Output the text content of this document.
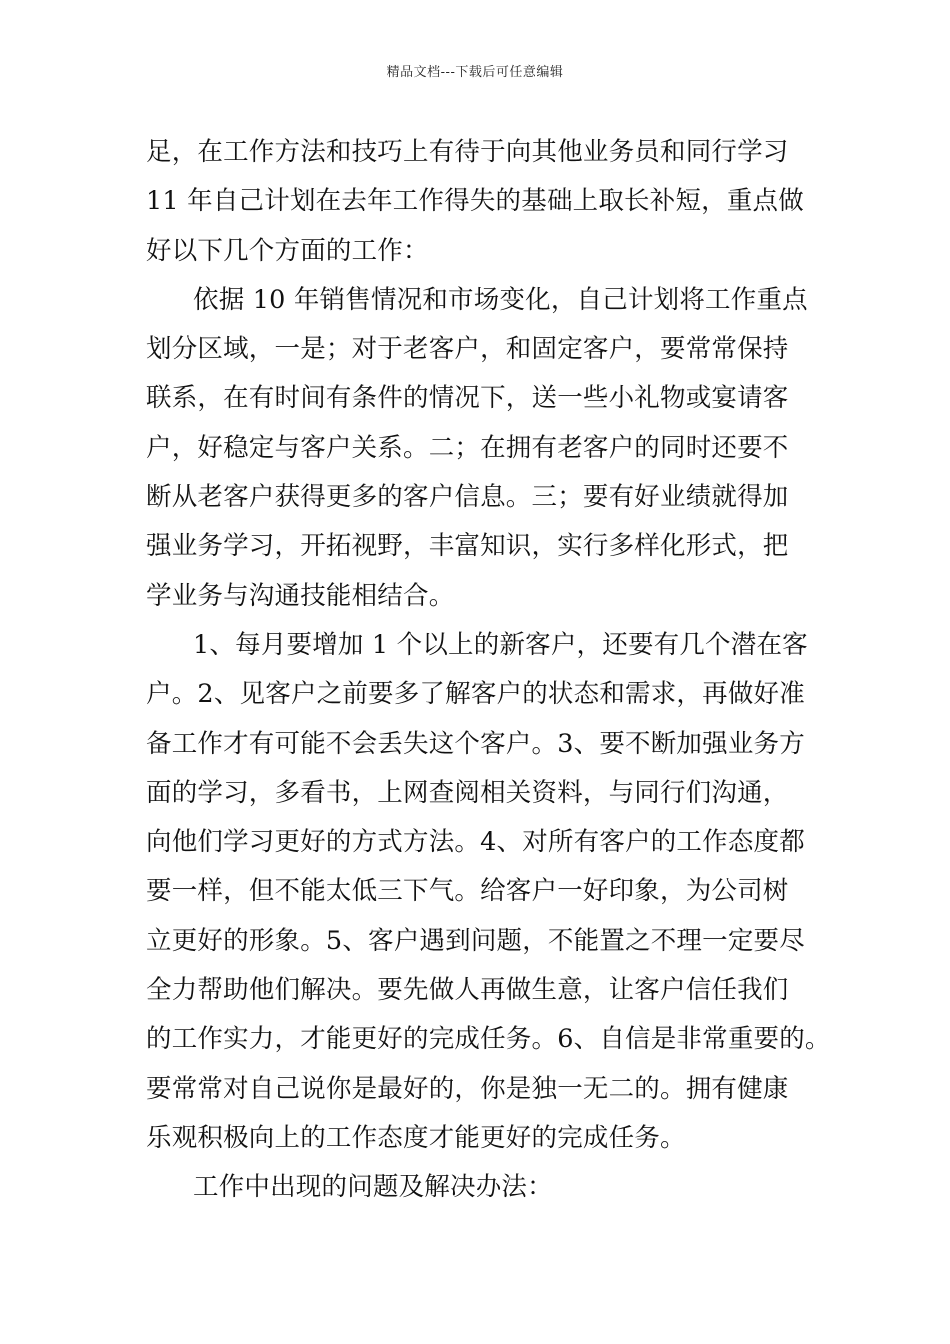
精品文档---下载后可任意编辑
足，在工作方法和技巧上有待于向其他业务员和同行学习
11 年自己计划在去年工作得失的基础上取长补短，重点做
好以下几个方面的工作：
依据 10 年销售情况和市场变化，自己计划将工作重点
划分区域，一是；对于老客户，和固定客户，要常常保持
联系，在有时间有条件的情况下，送一些小礼物或宴请客
户，好稳定与客户关系。二；在拥有老客户的同时还要不
断从老客户获得更多的客户信息。三；要有好业绩就得加
强业务学习，开拓视野，丰富知识，实行多样化形式，把
学业务与沟通技能相结合。
1、每月要增加 1 个以上的新客户，还要有几个潜在客
户。2、见客户之前要多了解客户的状态和需求，再做好准
备工作才有可能不会丢失这个客户。3、要不断加强业务方
面的学习，多看书，上网查阅相关资料，与同行们沟通，
向他们学习更好的方式方法。4、对所有客户的工作态度都
要一样，但不能太低三下气。给客户一好印象，为公司树
立更好的形象。5、客户遇到问题，不能置之不理一定要尽
全力帮助他们解决。要先做人再做生意，让客户信任我们
的工作实力，才能更好的完成任务。6、自信是非常重要的。
要常常对自己说你是最好的，你是独一无二的。拥有健康
乐观积极向上的工作态度才能更好的完成任务。
工作中出现的问题及解决办法：
